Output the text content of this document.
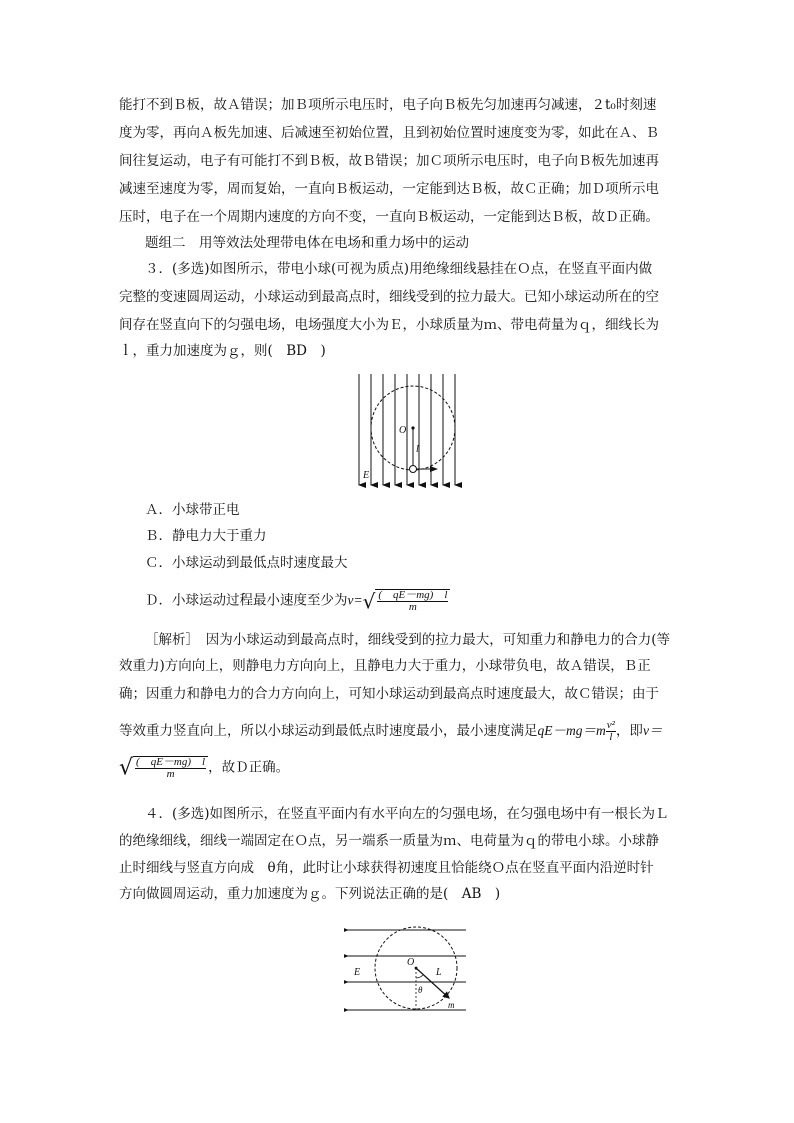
能打不到Ｂ板，故Ａ错误；加Ｂ项所示电压时，电子向Ｂ板先匀加速再匀减速，２t₀时刻速
度为零，再向Ａ板先加速、后减速至初始位置，且到初始位置时速度变为零，如此在Ａ、Ｂ
间往复运动，电子有可能打不到Ｂ板，故Ｂ错误；加Ｃ项所示电压时，电子向Ｂ板先加速再
减速至速度为零，周而复始，一直向Ｂ板运动，一定能到达Ｂ板，故Ｃ正确；加Ｄ项所示电
压时，电子在一个周期内速度的方向不变，一直向Ｂ板运动，一定能到达Ｂ板，故Ｄ正确。
题组二　用等效法处理带电体在电场和重力场中的运动
３．(多选)如图所示，带电小球(可视为质点)用绝缘细线悬挂在Ｏ点，在竖直平面内做
完整的变速圆周运动，小球运动到最高点时，细线受到的拉力最大。已知小球运动所在的空
间存在竖直向下的匀强电场，电场强度大小为Ｅ，小球质量为ｍ、带电荷量为ｑ，细线长为
ｌ，重力加速度为ｇ，则(　BD　)
O
l
E
Ａ．小球带正电
Ｂ．静电力大于重力
Ｃ．小球运动到最低点时速度最大
Ｄ．小球运动过程最小速度至少为$v=√ \frac{( qE-mg) l}{m}$
［解析］　因为小球运动到最高点时，细线受到的拉力最大，可知重力和静电力的合力(等
效重力)方向向上，则静电力方向向上，且静电力大于重力，小球带负电，故Ａ错误，Ｂ正
确；因重力和静电力的合力方向向上，可知小球运动到最高点时速度最大，故Ｃ错误；由于
等效重力竖直向上，所以小球运动到最低点时速度最小，最小速度满足$qE-mg=m \frac{\text{v²}}{l}$ ，即v＝
√ $\frac{( qE-mg) l}{m}$ ，故Ｄ正确。
４．(多选)如图所示，在竖直平面内有水平向左的匀强电场，在匀强电场中有一根长为Ｌ
的绝缘细线，细线一端固定在Ｏ点，另一端系一质量为ｍ、电荷量为ｑ的带电小球。小球静
止时细线与竖直方向成　θ角，此时让小球获得初速度且恰能绕Ｏ点在竖直平面内沿逆时针
方向做圆周运动，重力加速度为ｇ。下列说法正确的是(　AB　)
O
L
E
θ
m
